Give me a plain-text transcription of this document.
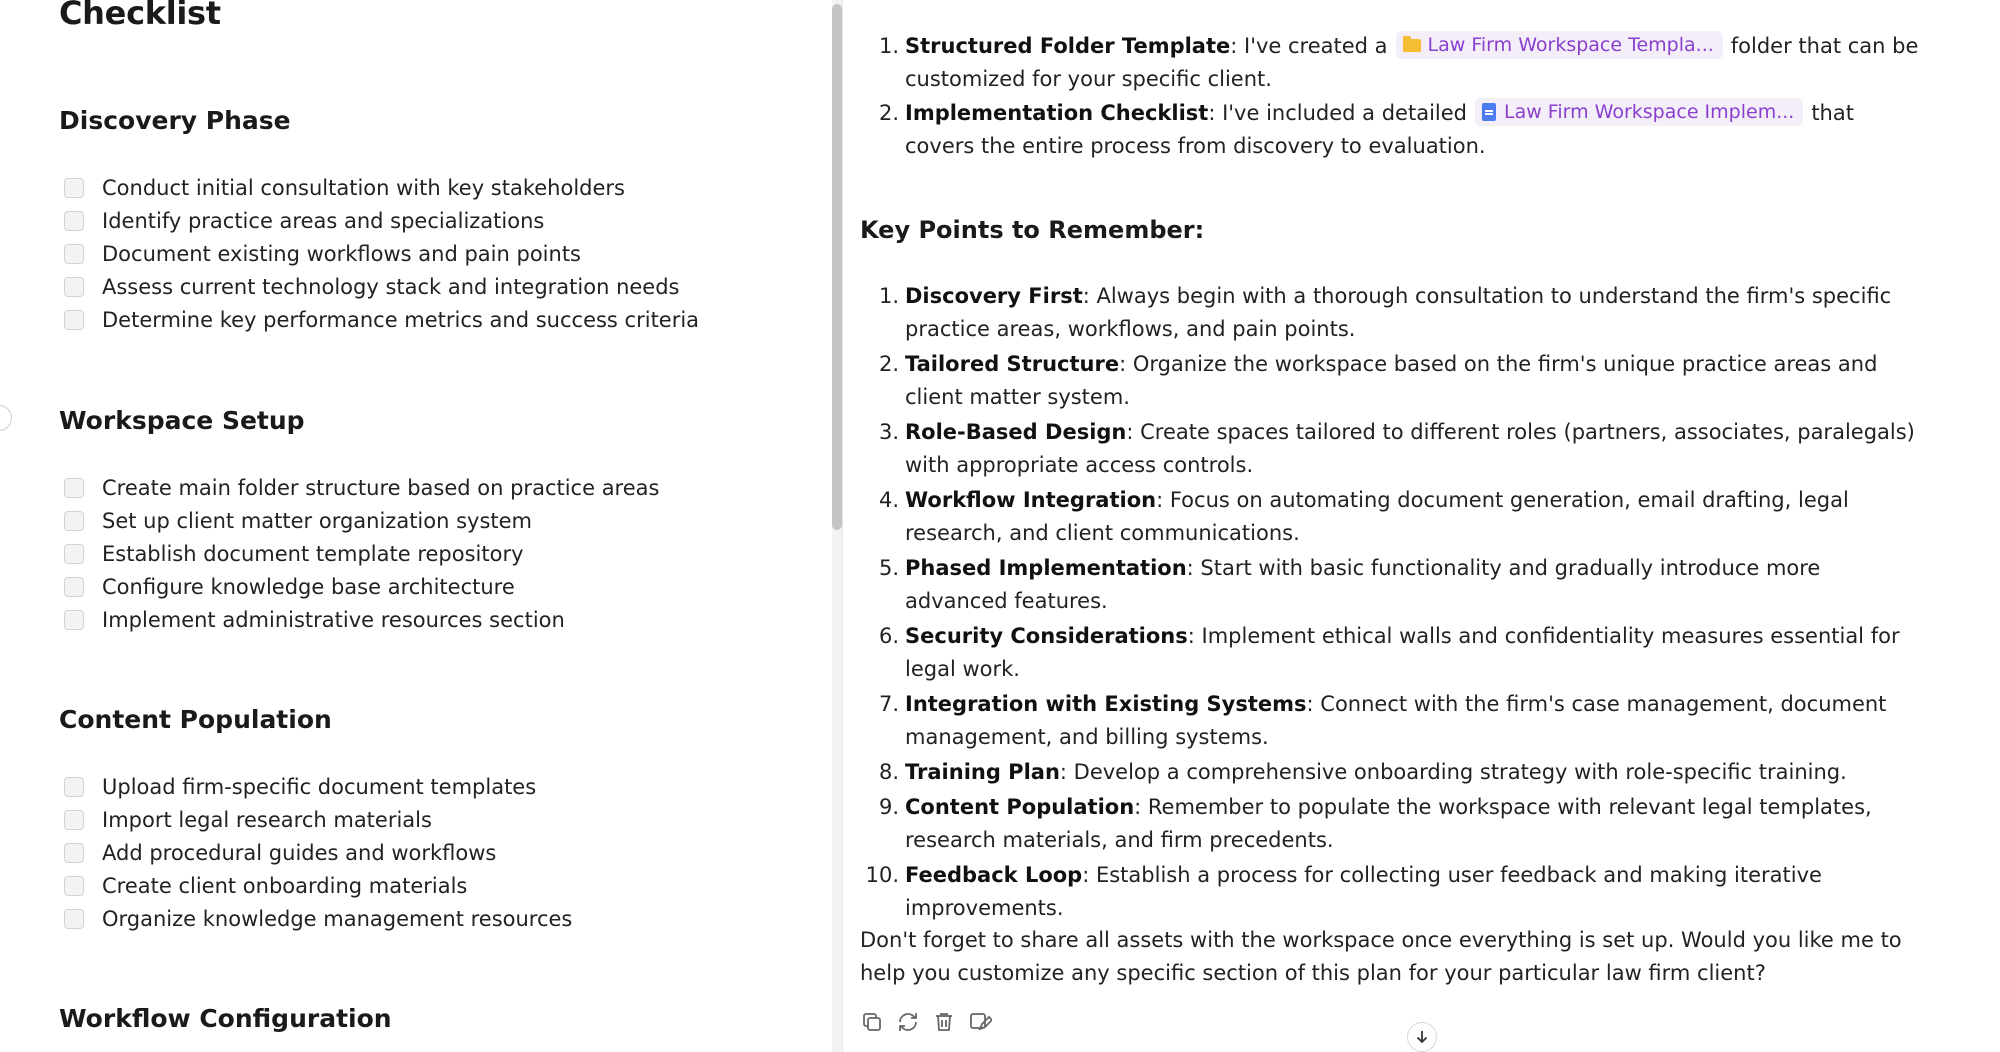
Checklist
Discovery Phase
Conduct initial consultation with key stakeholders
Identify practice areas and specializations
Document existing workflows and pain points
Assess current technology stack and integration needs
Determine key performance metrics and success criteria
Workspace Setup
Create main folder structure based on practice areas
Set up client matter organization system
Establish document template repository
Configure knowledge base architecture
Implement administrative resources section
Content Population
Upload firm-specific document templates
Import legal research materials
Add procedural guides and workflows
Create client onboarding materials
Organize knowledge management resources
Workflow Configuration
1. Structured Folder Template: I've created a Law Firm Workspace Templa... folder that can be customized for your specific client.
2. Implementation Checklist: I've included a detailed Law Firm Workspace Implem... that covers the entire process from discovery to evaluation.
Key Points to Remember:
1. Discovery First: Always begin with a thorough consultation to understand the firm's specific practice areas, workflows, and pain points.
2. Tailored Structure: Organize the workspace based on the firm's unique practice areas and client matter system.
3. Role-Based Design: Create spaces tailored to different roles (partners, associates, paralegals) with appropriate access controls.
4. Workflow Integration: Focus on automating document generation, email drafting, legal research, and client communications.
5. Phased Implementation: Start with basic functionality and gradually introduce more advanced features.
6. Security Considerations: Implement ethical walls and confidentiality measures essential for legal work.
7. Integration with Existing Systems: Connect with the firm's case management, document management, and billing systems.
8. Training Plan: Develop a comprehensive onboarding strategy with role-specific training.
9. Content Population: Remember to populate the workspace with relevant legal templates, research materials, and firm precedents.
10. Feedback Loop: Establish a process for collecting user feedback and making iterative improvements.
Don't forget to share all assets with the workspace once everything is set up. Would you like me to help you customize any specific section of this plan for your particular law firm client?
